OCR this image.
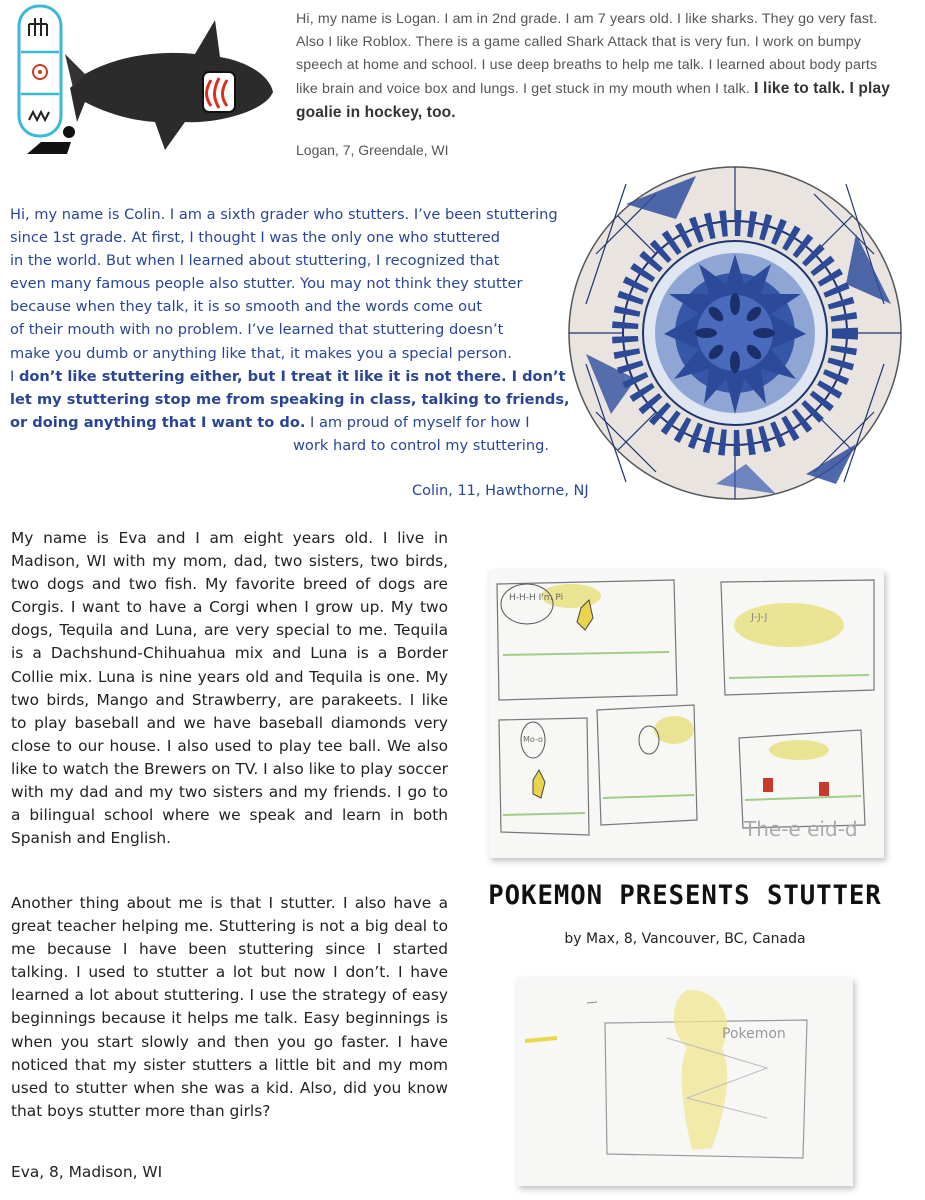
Hi, my name is Logan. I am in 2nd grade. I am 7 years old. I like sharks. They go very fast. Also I like Roblox. There is a game called Shark Attack that is very fun. I work on bumpy speech at home and school. I use deep breaths to help me talk. I learned about body parts like brain and voice box and lungs. I get stuck in my mouth when I talk. I like to talk. I play goalie in hockey, too.
Logan, 7, Greendale, WI
Hi, my name is Colin. I am a sixth grader who stutters. I’ve been stuttering
since 1st grade. At first, I thought I was the only one who stuttered
in the world. But when I learned about stuttering, I recognized that
even many famous people also stutter. You may not think they stutter
because when they talk, it is so smooth and the words come out
of their mouth with no problem. I’ve learned that stuttering doesn’t
make you dumb or anything like that, it makes you a special person.
I don’t like stuttering either, but I treat it like it is not there. I don’t
let my stuttering stop me from speaking in class, talking to friends,
or doing anything that I want to do. I am proud of myself for how I
work hard to control my stuttering.
Colin, 11, Hawthorne, NJ
My name is Eva and I am eight years old. I live in Madison, WI with my mom, dad, two sisters, two birds, two dogs and two fish. My favorite breed of dogs are Corgis. I want to have a Corgi when I grow up. My two dogs, Tequila and Luna, are very special to me. Tequila is a Dachshund-Chihuahua mix and Luna is a Border Collie mix. Luna is nine years old and Tequila is one. My two birds, Mango and Strawberry, are parakeets. I like to play baseball and we have baseball diamonds very close to our house. I also used to play tee ball. We also like to watch the Brewers on TV. I also like to play soccer with my dad and my two sisters and my friends. I go to a bilingual school where we speak and learn in both Spanish and English.
Another thing about me is that I stutter. I also have a great teacher helping me. Stuttering is not a big deal to me because I have been stuttering since I started talking. I used to stutter a lot but now I don’t. I have learned a lot about stuttering. I use the strategy of easy beginnings because it helps me talk. Easy beginnings is when you start slowly and then you go faster. I have noticed that my sister stutters a little bit and my mom used to stutter when she was a kid. Also, did you know that boys stutter more than girls?
Eva, 8, Madison, WI
The-e eid-d
H-H-H I'm Pi
J-J-J
Mo-o
POKEMON PRESENTS STUTTER
by Max, 8, Vancouver, BC, Canada
Pokemon
